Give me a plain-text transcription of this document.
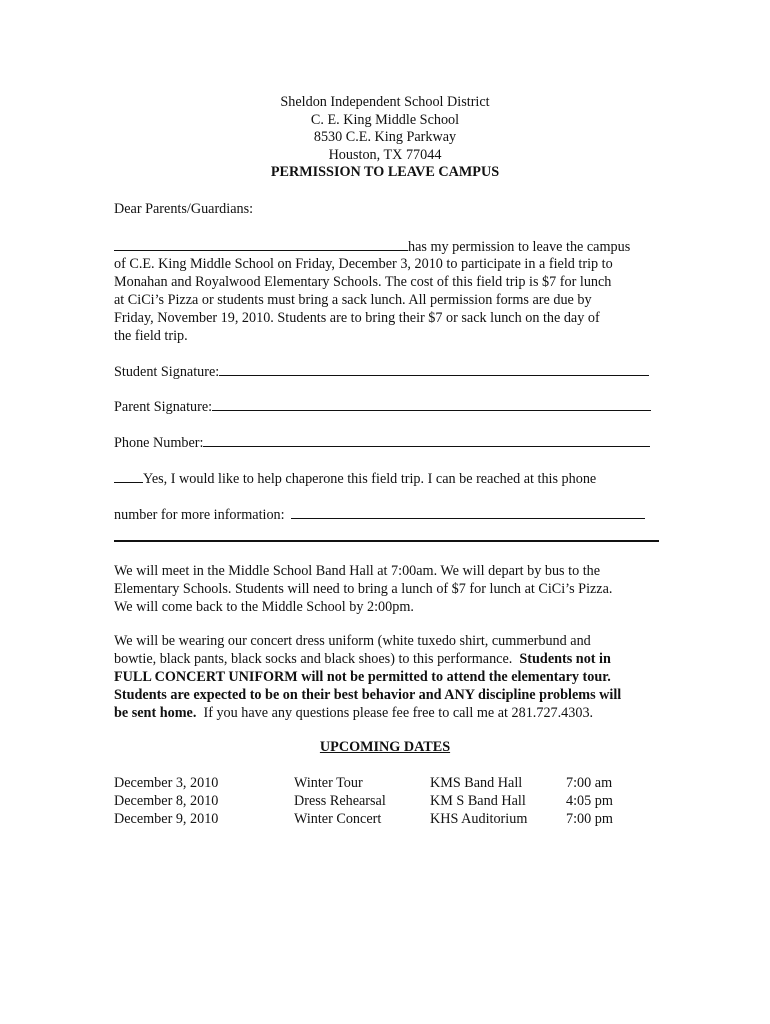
Sheldon Independent School District
C. E. King Middle School
8530 C.E. King Parkway
Houston, TX 77044
PERMISSION TO LEAVE CAMPUS
Dear Parents/Guardians:
has my permission to leave the campus
of C.E. King Middle School on Friday, December 3, 2010 to participate in a field trip to
Monahan and Royalwood Elementary Schools. The cost of this field trip is $7 for lunch
at CiCi’s Pizza or students must bring a sack lunch. All permission forms are due by
Friday, November 19, 2010. Students are to bring their $7 or sack lunch on the day of
the field trip.
Student Signature:
Parent Signature:
Phone Number:
Yes, I would like to help chaperone this field trip. I can be reached at this phone
number for more information:
We will meet in the Middle School Band Hall at 7:00am. We will depart by bus to the
Elementary Schools. Students will need to bring a lunch of $7 for lunch at CiCi’s Pizza.
We will come back to the Middle School by 2:00pm.
We will be wearing our concert dress uniform (white tuxedo shirt, cummerbund and
bowtie, black pants, black socks and black shoes) to this performance.  Students not in
FULL CONCERT UNIFORM will not be permitted to attend the elementary tour.
Students are expected to be on their best behavior and ANY discipline problems will
be sent home.  If you have any questions please fee free to call me at 281.727.4303.
UPCOMING DATES
December 3, 2010	Winter Tour	KMS Band Hall	7:00 am
December 8, 2010	Dress Rehearsal	KM S Band Hall	4:05 pm
December 9, 2010	Winter Concert	KHS Auditorium	7:00 pm
